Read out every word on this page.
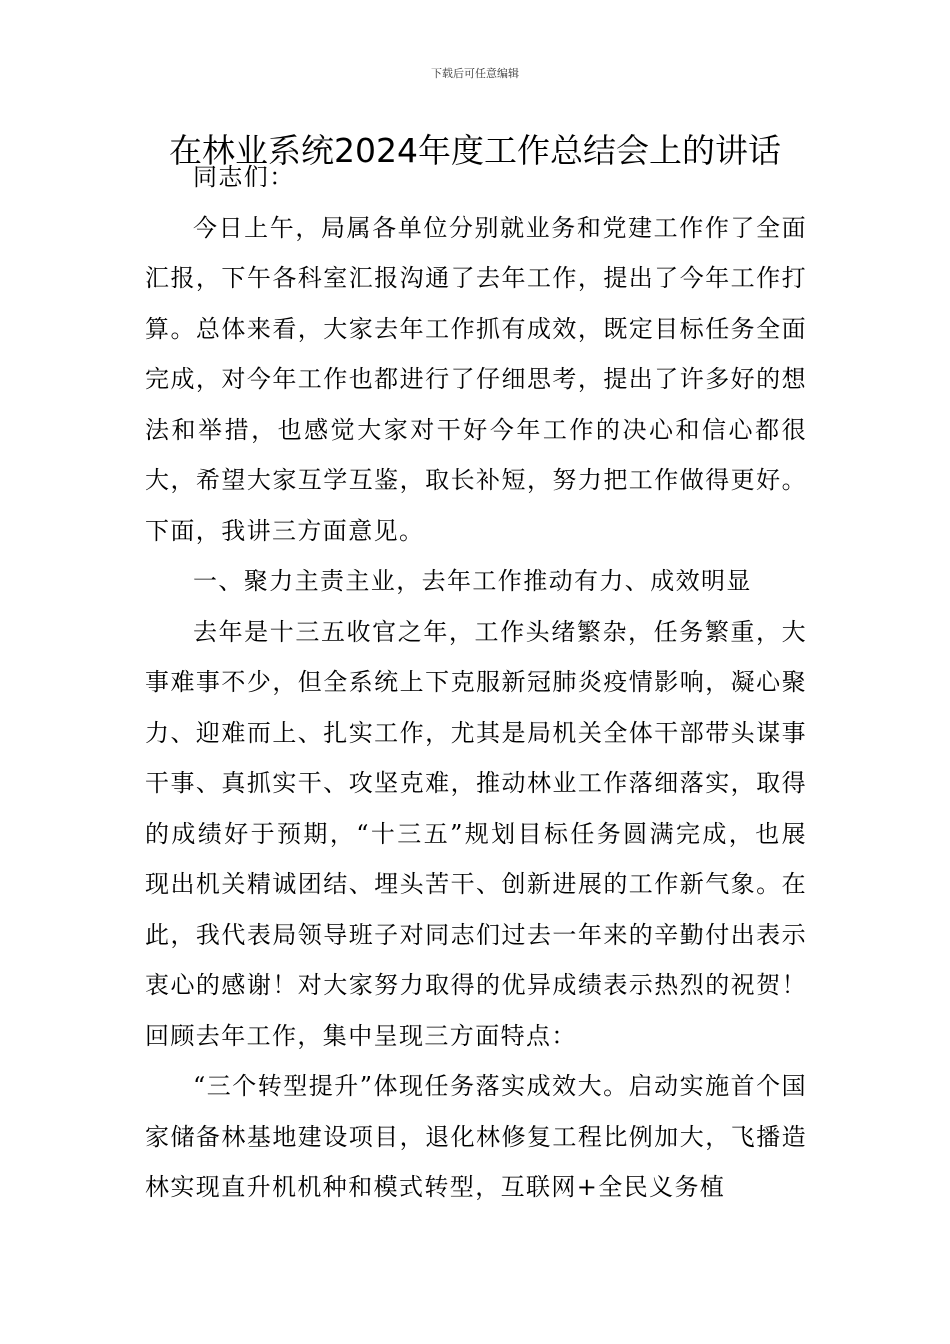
下载后可任意编辑
在林业系统2024年度工作总结会上的讲话

同志们：

今日上午，局属各单位分别就业务和党建工作作了全面汇报，下午各科室汇报沟通了去年工作，提出了今年工作打算。总体来看，大家去年工作抓有成效，既定目标任务全面完成，对今年工作也都进行了仔细思考，提出了许多好的想法和举措，也感觉大家对干好今年工作的决心和信心都很大，希望大家互学互鉴，取长补短，努力把工作做得更好。下面，我讲三方面意见。

一、聚力主责主业，去年工作推动有力、成效明显

去年是十三五收官之年，工作头绪繁杂，任务繁重，大事难事不少，但全系统上下克服新冠肺炎疫情影响，凝心聚力、迎难而上、扎实工作，尤其是局机关全体干部带头谋事干事、真抓实干、攻坚克难，推动林业工作落细落实，取得的成绩好于预期，“十三五”规划目标任务圆满完成，也展现出机关精诚团结、埋头苦干、创新进展的工作新气象。在此，我代表局领导班子对同志们过去一年来的辛勤付出表示衷心的感谢！对大家努力取得的优异成绩表示热烈的祝贺！回顾去年工作，集中呈现三方面特点：

“三个转型提升”体现任务落实成效大。启动实施首个国家储备林基地建设项目，退化林修复工程比例加大，飞播造林实现直升机机种和模式转型，互联网+全民义务植
